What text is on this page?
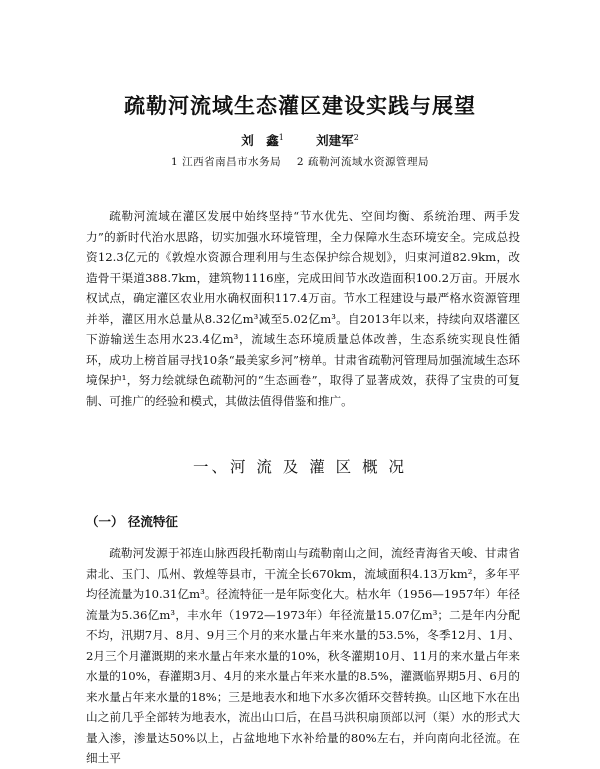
疏勒河流域生态灌区建设实践与展望
刘　鑫$^1$	刘建军$^2$
1 江西省南昌市水务局 2 疏勒河流域水资源管理局

疏勒河流域在灌区发展中始终坚持“节水优先、空间均衡、系统治理、两手发力”的新时代治水思路，切实加强水环境管理，全力保障水生态环境安全。完成总投资12.3亿元的《敦煌水资源合理利用与生态保护综合规划》，归束河道82.9km，改造骨干渠道388.7km，建筑物1116座，完成田间节水改造面积100.2万亩。开展水权试点，确定灌区农业用水确权面积117.4万亩。节水工程建设与最严格水资源管理并举，灌区用水总量从8.32亿m³减至5.02亿m³。自2013年以来，持续向双塔灌区下游输送生态用水23.4亿m³，流域生态环境质量总体改善，生态系统实现良性循环，成功上榜首届寻找10条“最美家乡河”榜单。甘肃省疏勒河管理局加强流域生态环境保护¹，努力绘就绿色疏勒河的“生态画卷”，取得了显著成效，获得了宝贵的可复制、可推广的经验和模式，其做法值得借鉴和推广。

一、河 流 及 灌 区 概 况
（一） 径流特征

疏勒河发源于祁连山脉西段托勒南山与疏勒南山之间，流经青海省天峻、甘肃省肃北、玉门、瓜州、敦煌等县市，干流全长670km，流域面积4.13万km²，多年平均径流量为10.31亿m³。径流特征一是年际变化大。枯水年（1956—1957年）年径流量为5.36亿m³，丰水年（1972—1973年）年径流量15.07亿m³；二是年内分配不均，汛期7月、8月、9月三个月的来水量占年来水量的53.5%，冬季12月、1月、2月三个月灌溉期的来水量占年来水量的10%，秋冬灌期10月、11月的来水量占年来水量的10%，春灌期3月、4月的来水量占年来水量的8.5%，灌溉临界期5月、6月的来水量占年来水量的18%；三是地表水和地下水多次循环交替转换。山区地下水在出山之前几乎全部转为地表水，流出山口后，在昌马洪积扇顶部以河（渠）水的形式大量入渗，渗量达50%以上，占盆地地下水补给量的80%左右，并向南向北径流。在细土平
